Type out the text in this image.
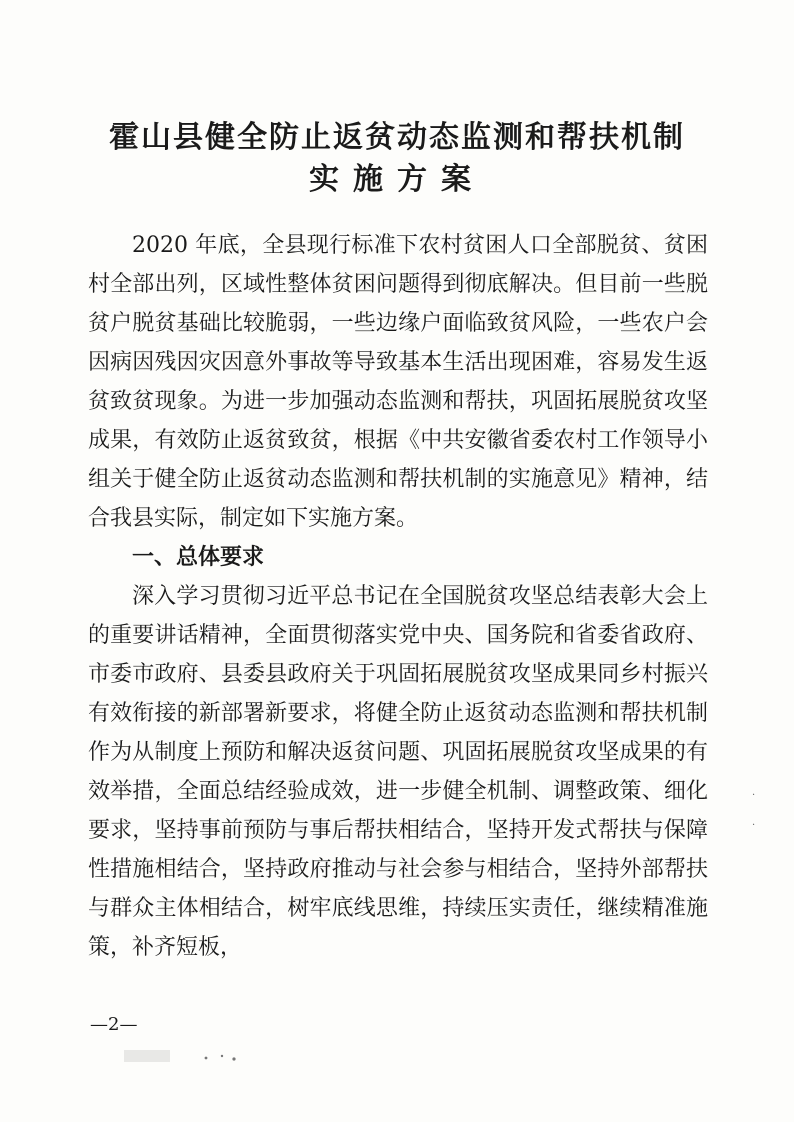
霍山县健全防止返贫动态监测和帮扶机制
实施方案

2020 年底，全县现行标准下农村贫困人口全部脱贫、贫困村全部出列，区域性整体贫困问题得到彻底解决。但目前一些脱贫户脱贫基础比较脆弱，一些边缘户面临致贫风险，一些农户会因病因残因灾因意外事故等导致基本生活出现困难，容易发生返贫致贫现象。为进一步加强动态监测和帮扶，巩固拓展脱贫攻坚成果，有效防止返贫致贫，根据《中共安徽省委农村工作领导小组关于健全防止返贫动态监测和帮扶机制的实施意见》精神，结合我县实际，制定如下实施方案。

一、总体要求

深入学习贯彻习近平总书记在全国脱贫攻坚总结表彰大会上的重要讲话精神，全面贯彻落实党中央、国务院和省委省政府、市委市政府、县委县政府关于巩固拓展脱贫攻坚成果同乡村振兴有效衔接的新部署新要求，将健全防止返贫动态监测和帮扶机制作为从制度上预防和解决返贫问题、巩固拓展脱贫攻坚成果的有效举措，全面总结经验成效，进一步健全机制、调整政策、细化要求，坚持事前预防与事后帮扶相结合，坚持开发式帮扶与保障性措施相结合，坚持政府推动与社会参与相结合，坚持外部帮扶与群众主体相结合，树牢底线思维，持续压实责任，继续精准施策，补齐短板，

—2—
·
·
